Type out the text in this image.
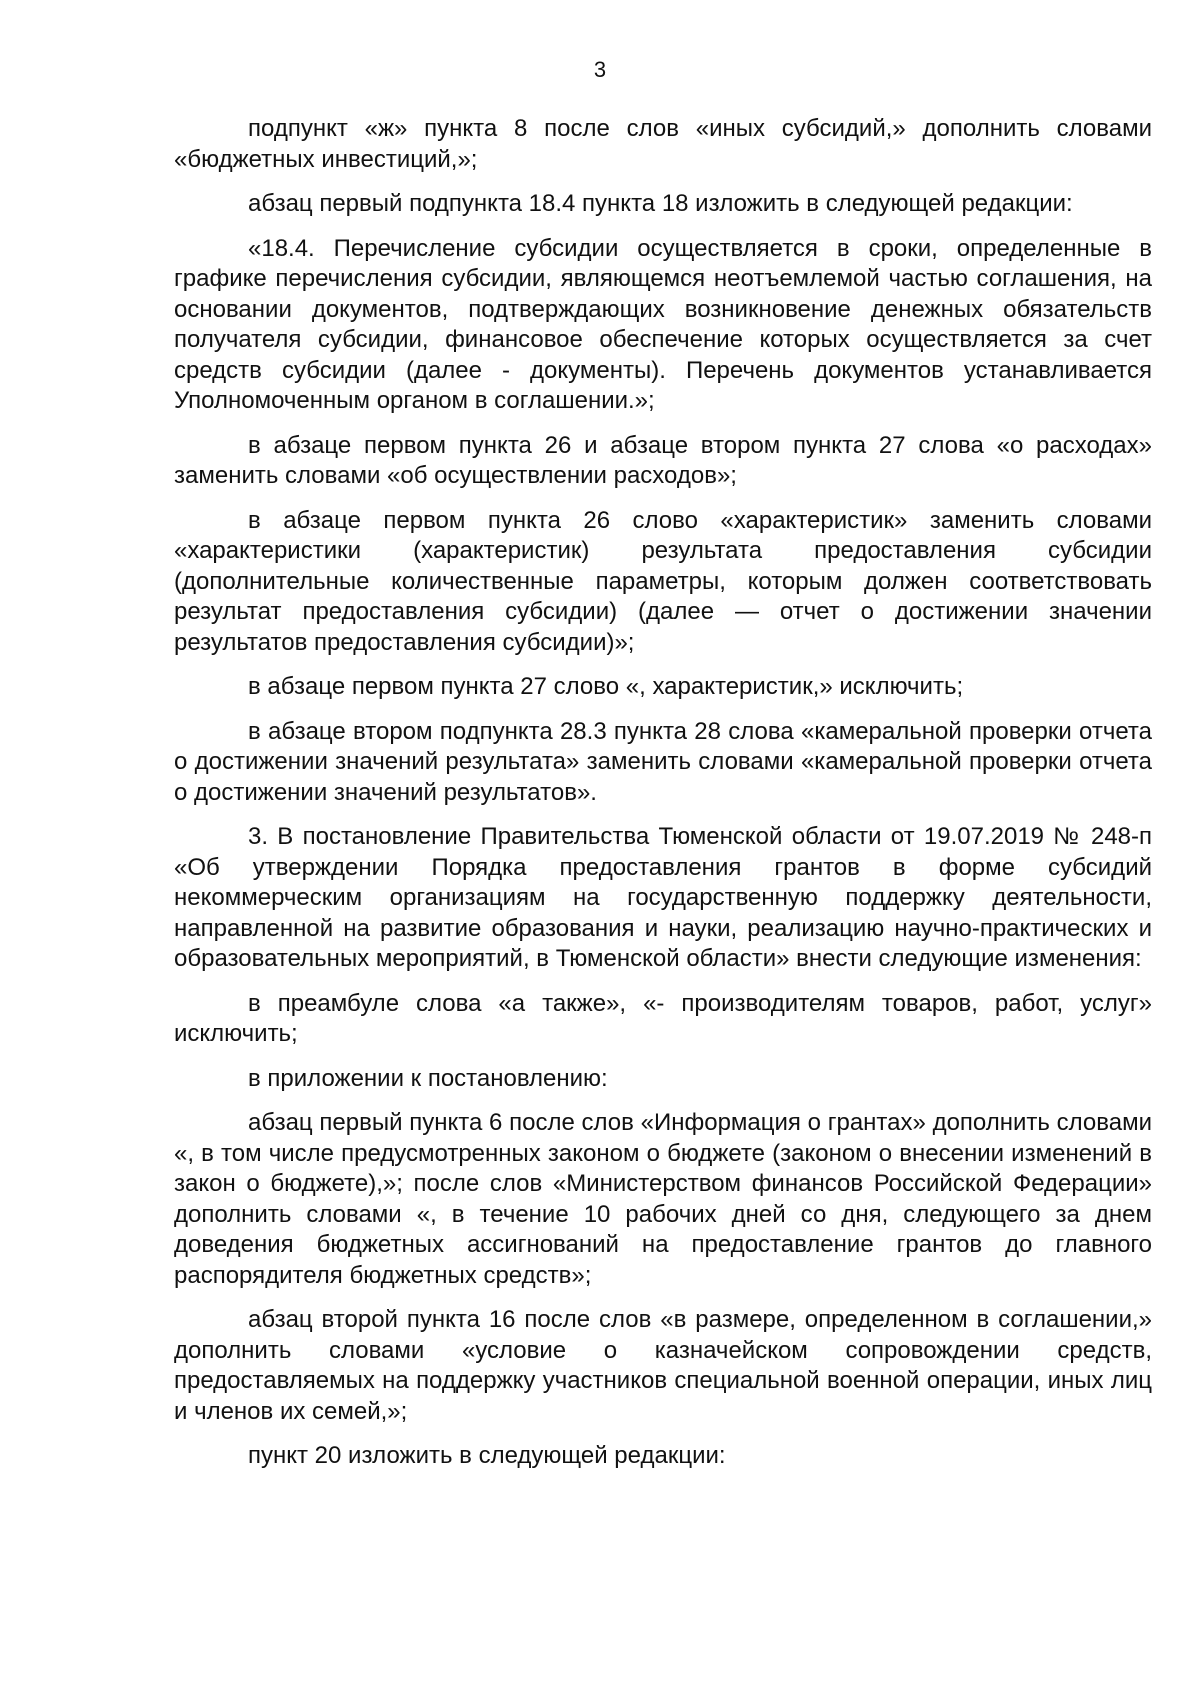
3

подпункт «ж» пункта 8 после слов «иных субсидий,» дополнить словами «бюджетных инвестиций,»;

абзац первый подпункта 18.4 пункта 18 изложить в следующей редакции:

«18.4. Перечисление субсидии осуществляется в сроки, определенные в графике перечисления субсидии, являющемся неотъемлемой частью соглашения, на основании документов, подтверждающих возникновение денежных обязательств получателя субсидии, финансовое обеспечение которых осуществляется за счет средств субсидии (далее - документы). Перечень документов устанавливается Уполномоченным органом в соглашении.»;

в абзаце первом пункта 26 и абзаце втором пункта 27 слова «о расходах» заменить словами «об осуществлении расходов»;

в абзаце первом пункта 26 слово «характеристик» заменить словами «характеристики (характеристик) результата предоставления субсидии (дополнительные количественные параметры, которым должен соответствовать результат предоставления субсидии) (далее — отчет о достижении значении результатов предоставления субсидии)»;

в абзаце первом пункта 27 слово «, характеристик,» исключить;

в абзаце втором подпункта 28.3 пункта 28 слова «камеральной проверки отчета о достижении значений результата» заменить словами «камеральной проверки отчета о достижении значений результатов».

3. В постановление Правительства Тюменской области от 19.07.2019 № 248-п «Об утверждении Порядка предоставления грантов в форме субсидий некоммерческим организациям на государственную поддержку деятельности, направленной на развитие образования и науки, реализацию научно-практических и образовательных мероприятий, в Тюменской области» внести следующие изменения:

в преамбуле слова «а также», «- производителям товаров, работ, услуг» исключить;

в приложении к постановлению:

абзац первый пункта 6 после слов «Информация о грантах» дополнить словами «, в том числе предусмотренных законом о бюджете (законом о внесении изменений в закон о бюджете),»; после слов «Министерством финансов Российской Федерации» дополнить словами «, в течение 10 рабочих дней со дня, следующего за днем доведения бюджетных ассигнований на предоставление грантов до главного распорядителя бюджетных средств»;

абзац второй пункта 16 после слов «в размере, определенном в соглашении,» дополнить словами «условие о казначейском сопровождении средств, предоставляемых на поддержку участников специальной военной операции, иных лиц и членов их семей,»;

пункт 20 изложить в следующей редакции:
